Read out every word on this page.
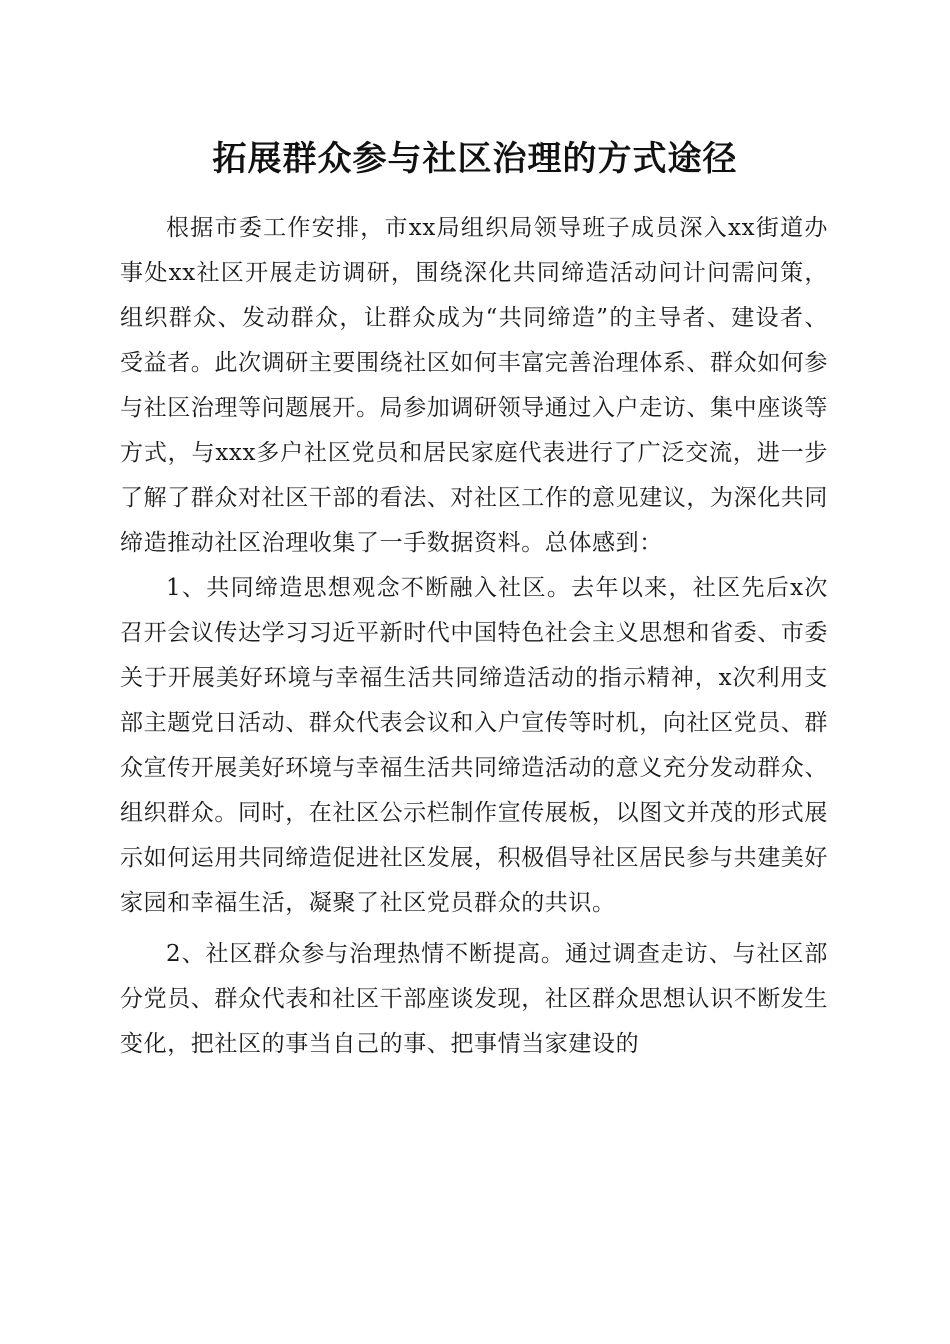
拓展群众参与社区治理的方式途径

根据市委工作安排，市xx局组织局领导班子成员深入xx街道办事处xx社区开展走访调研，围绕深化共同缔造活动问计问需问策，组织群众、发动群众，让群众成为“共同缔造”的主导者、建设者、受益者。此次调研主要围绕社区如何丰富完善治理体系、群众如何参与社区治理等问题展开。局参加调研领导通过入户走访、集中座谈等方式，与xxx多户社区党员和居民家庭代表进行了广泛交流，进一步了解了群众对社区干部的看法、对社区工作的意见建议，为深化共同缔造推动社区治理收集了一手数据资料。总体感到：

1、共同缔造思想观念不断融入社区。去年以来，社区先后x次召开会议传达学习习近平新时代中国特色社会主义思想和省委、市委关于开展美好环境与幸福生活共同缔造活动的指示精神，x次利用支部主题党日活动、群众代表会议和入户宣传等时机，向社区党员、群众宣传开展美好环境与幸福生活共同缔造活动的意义充分发动群众、组织群众。同时，在社区公示栏制作宣传展板，以图文并茂的形式展示如何运用共同缔造促进社区发展，积极倡导社区居民参与共建美好家园和幸福生活，凝聚了社区党员群众的共识。

2、社区群众参与治理热情不断提高。通过调查走访、与社区部分党员、群众代表和社区干部座谈发现，社区群众思想认识不断发生变化，把社区的事当自己的事、把事情当家建设的
